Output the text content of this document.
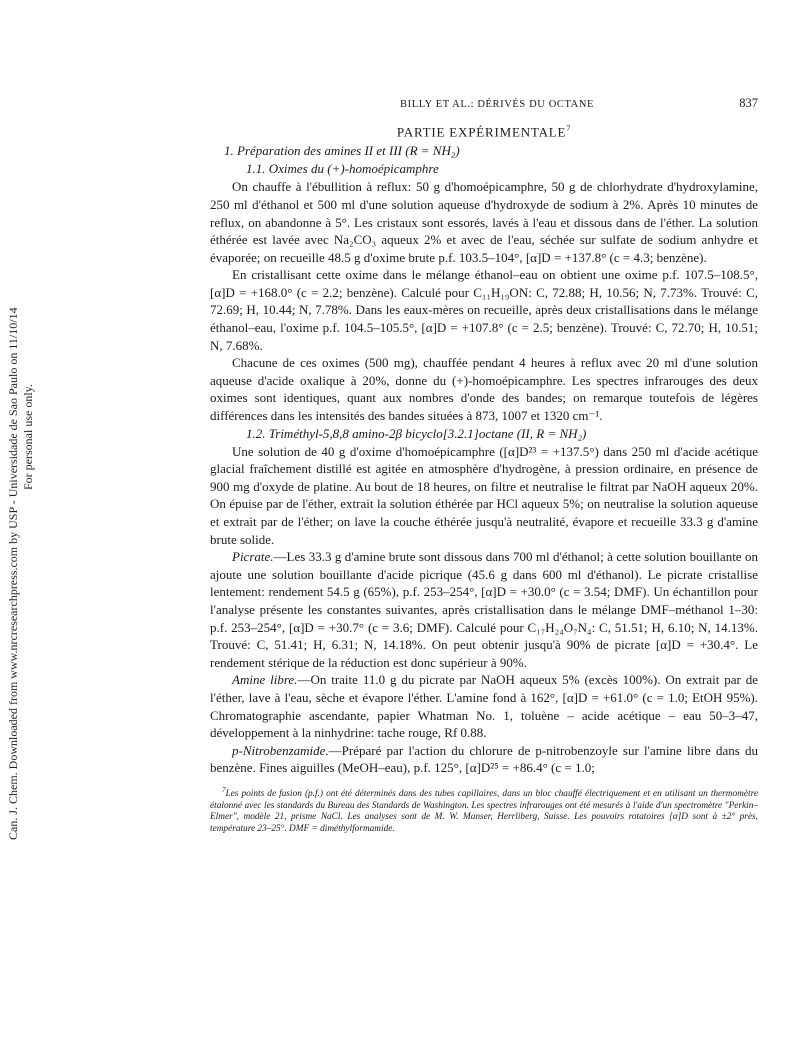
Can. J. Chem. Downloaded from www.nrcresearchpress.com by USP - Universidade de Sao Paulo on 11/10/14 For personal use only.
BILLY ET AL.: DÉRIVÉS DU OCTANE	837
PARTIE EXPÉRIMENTALE$^7$
1. Préparation des amines II et III (R = NH₂)
1.1. Oximes du (+)-homoépicamphre

On chauffe à l'ébullition à reflux: 50 g d'homoépicamphre, 50 g de chlorhydrate d'hydroxylamine, 250 ml d'éthanol et 500 ml d'une solution aqueuse d'hydroxyde de sodium à 2%. Après 10 minutes de reflux, on abandonne à 5°. Les cristaux sont essorés, lavés à l'eau et dissous dans de l'éther. La solution éthérée est lavée avec Na₂CO₃ aqueux 2% et avec de l'eau, séchée sur sulfate de sodium anhydre et évaporée; on recueille 48.5 g d'oxime brute p.f. 103.5–104°, [α]D = +137.8° (c = 4.3; benzène).

En cristallisant cette oxime dans le mélange éthanol–eau on obtient une oxime p.f. 107.5–108.5°, [α]D = +168.0° (c = 2.2; benzène). Calculé pour C₁₁H₁₉ON: C, 72.88; H, 10.56; N, 7.73%. Trouvé: C, 72.69; H, 10.44; N, 7.78%. Dans les eaux-mères on recueille, après deux cristallisations dans le mélange éthanol–eau, l'oxime p.f. 104.5–105.5°, [α]D = +107.8° (c = 2.5; benzène). Trouvé: C, 72.70; H, 10.51; N, 7.68%.

Chacune de ces oximes (500 mg), chauffée pendant 4 heures à reflux avec 20 ml d'une solution aqueuse d'acide oxalique à 20%, donne du (+)-homoépicamphre. Les spectres infrarouges des deux oximes sont identiques, quant aux nombres d'onde des bandes; on remarque toutefois de légères différences dans les intensités des bandes situées à 873, 1007 et 1320 cm⁻¹.

1.2. Triméthyl-5,8,8 amino-2β bicyclo[3.2.1]octane (II, R = NH₂)

Une solution de 40 g d'oxime d'homoépicamphre ([α]D²³ = +137.5°) dans 250 ml d'acide acétique glacial fraîchement distillé est agitée en atmosphère d'hydrogène, à pression ordinaire, en présence de 900 mg d'oxyde de platine. Au bout de 18 heures, on filtre et neutralise le filtrat par NaOH aqueux 20%. On épuise par de l'éther, extrait la solution éthérée par HCl aqueux 5%; on neutralise la solution aqueuse et extrait par de l'éther; on lave la couche éthérée jusqu'à neutralité, évapore et recueille 33.3 g d'amine brute solide.

Picrate.—Les 33.3 g d'amine brute sont dissous dans 700 ml d'éthanol; à cette solution bouillante on ajoute une solution bouillante d'acide picrique (45.6 g dans 600 ml d'éthanol). Le picrate cristallise lentement: rendement 54.5 g (65%), p.f. 253–254°, [α]D = +30.0° (c = 3.54; DMF). Un échantillon pour l'analyse présente les constantes suivantes, après cristallisation dans le mélange DMF–méthanol 1–30: p.f. 253–254°, [α]D = +30.7° (c = 3.6; DMF). Calculé pour C₁₇H₂₄O₇N₄: C, 51.51; H, 6.10; N, 14.13%. Trouvé: C, 51.41; H, 6.31; N, 14.18%. On peut obtenir jusqu'à 90% de picrate [α]D = +30.4°. Le rendement stérique de la réduction est donc supérieur à 90%.

Amine libre.—On traite 11.0 g du picrate par NaOH aqueux 5% (excès 100%). On extrait par de l'éther, lave à l'eau, sèche et évapore l'éther. L'amine fond à 162°, [α]D = +61.0° (c = 1.0; EtOH 95%). Chromatographie ascendante, papier Whatman No. 1, toluène – acide acétique – eau 50–3–47, développement à la ninhydrine: tache rouge, Rf 0.88.

p-Nitrobenzamide.—Préparé par l'action du chlorure de p-nitrobenzoyle sur l'amine libre dans du benzène. Fines aiguilles (MeOH–eau), p.f. 125°, [α]D²⁵ = +86.4° (c = 1.0;

$^7$Les points de fusion (p.f.) ont été déterminés dans des tubes capillaires, dans un bloc chauffé électriquement et en utilisant un thermomètre étalonné avec les standards du Bureau des Standards de Washington. Les spectres infrarouges ont été mesurés à l'aide d'un spectromètre "Perkin–Elmer", modèle 21, prisme NaCl. Les analyses sont de M. W. Manser, Herrliberg, Suisse. Les pouvoirs rotatoires [α]D sont à ±2° près, température 23–25°. DMF = diméthylformamide.
